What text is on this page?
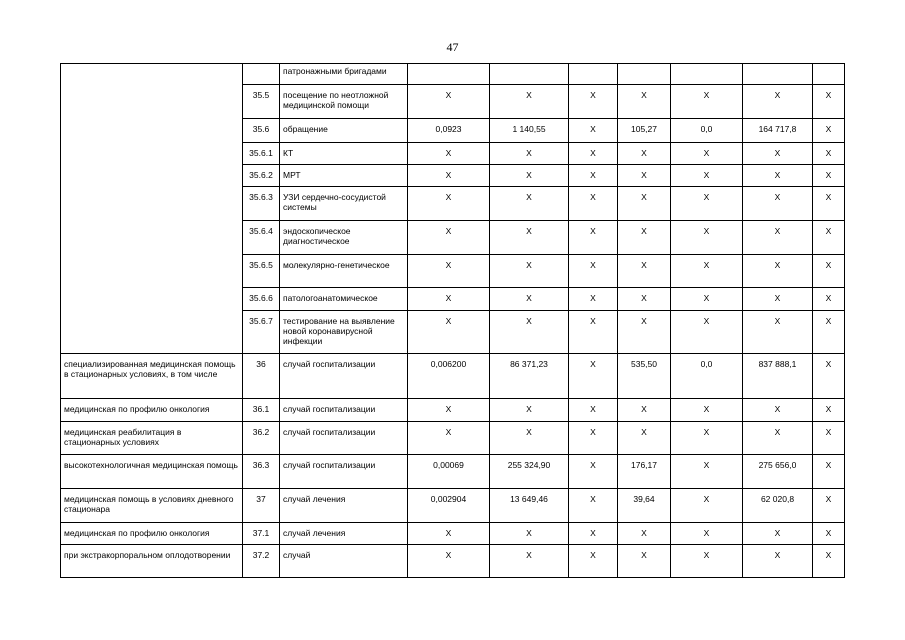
47
		патронажными бригадами							
	35.5	посещение по неотложной медицинской помощи	X	X	X	X	X	X	X
	35.6	обращение	0,0923	1 140,55	X	105,27	0,0	164 717,8	X
	35.6.1	КТ	X	X	X	X	X	X	X
	35.6.2	МРТ	X	X	X	X	X	X	X
	35.6.3	УЗИ сердечно-сосудистой системы	X	X	X	X	X	X	X
	35.6.4	эндоскопическое диагностическое	X	X	X	X	X	X	X
	35.6.5	молекулярно-генетическое	X	X	X	X	X	X	X
	35.6.6	патологоанатомическое	X	X	X	X	X	X	X
	35.6.7	тестирование на выявление новой коронавирусной инфекции	X	X	X	X	X	X	X
специализированная медицинская помощь в стационарных условиях, в том числе	36	случай госпитализации	0,006200	86 371,23	X	535,50	0,0	837 888,1	X
медицинская по профилю онкология	36.1	случай госпитализации	X	X	X	X	X	X	X
медицинская реабилитация в стационарных условиях	36.2	случай госпитализации	X	X	X	X	X	X	X
высокотехнологичная медицинская помощь	36.3	случай госпитализации	0,00069	255 324,90	X	176,17	X	275 656,0	X
медицинская помощь в условиях дневного стационара	37	случай лечения	0,002904	13 649,46	X	39,64	X	62 020,8	X
медицинская по профилю онкология	37.1	случай лечения	X	X	X	X	X	X	X
при экстракорпоральном оплодотворении	37.2	случай	X	X	X	X	X	X	X
